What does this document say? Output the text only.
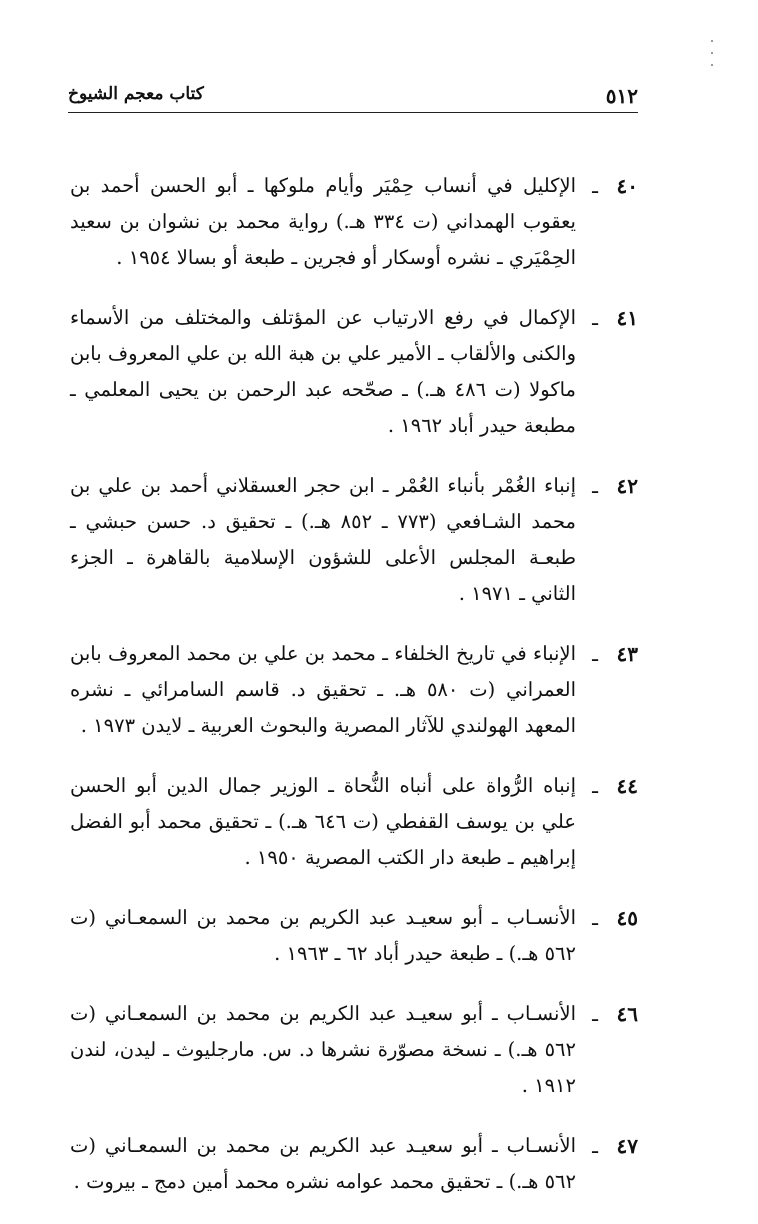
٥١٢
كتاب معجم الشيوخ
٤٠
ـ
الإكليل في أنساب حِمْيَر وأيام ملوكها ـ أبو الحسن أحمد بن يعقوب الهمداني (ت ٣٣٤ هـ.) رواية محمد بن نشوان بن سعيد الحِمْيَري ـ نشره أوسكار أو فجرين ـ طبعة أو بسالا ١٩٥٤ .
٤١
ـ
الإكمال في رفع الارتياب عن المؤتلف والمختلف من الأسماء والكنى والألقاب ـ الأمير علي بن هبة الله بن علي المعروف بابن ماكولا (ت ٤٨٦ هـ.) ـ صحّحه عبد الرحمن بن يحيى المعلمي ـ مطبعة حيدر أباد ١٩٦٢ .
٤٢
ـ
إنباء الغُمْر بأنباء العُمْر ـ ابن حجر العسقلاني أحمد بن علي بن محمد الشـافعي (٧٧٣ ـ ٨٥٢ هـ.) ـ تحقيق د. حسن حبشي ـ طبعـة المجلس الأعلى للشؤون الإسلامية بالقاهرة ـ الجزء الثاني ـ ١٩٧١ .
٤٣
ـ
الإنباء في تاريخ الخلفاء ـ محمد بن علي بن محمد المعروف بابن العمراني (ت ٥٨٠ هـ. ـ تحقيق د. قاسم السامرائي ـ نشره المعهد الهولندي للآثار المصرية والبحوث العربية ـ لايدن ١٩٧٣ .
٤٤
ـ
إنباه الرُّواة على أنباه النُّحاة ـ الوزير جمال الدين أبو الحسن علي بن يوسف القفطي (ت ٦٤٦ هـ.) ـ تحقيق محمد أبو الفضل إبراهيم ـ طبعة دار الكتب المصرية ١٩٥٠ .
٤٥
ـ
الأنسـاب ـ أبو سعيـد عبد الكريم بن محمد بن السمعـاني (ت ٥٦٢ هـ.) ـ طبعة حيدر أباد ٦٢ ـ ١٩٦٣ .
٤٦
ـ
الأنسـاب ـ أبو سعيـد عبد الكريم بن محمد بن السمعـاني (ت ٥٦٢ هـ.) ـ نسخة مصوّرة نشرها د. س. مارجليوث ـ ليدن، لندن ١٩١٢ .
٤٧
ـ
الأنسـاب ـ أبو سعيـد عبد الكريم بن محمد بن السمعـاني (ت ٥٦٢ هـ.) ـ تحقيق محمد عوامه نشره محمد أمين دمج ـ بيروت .
